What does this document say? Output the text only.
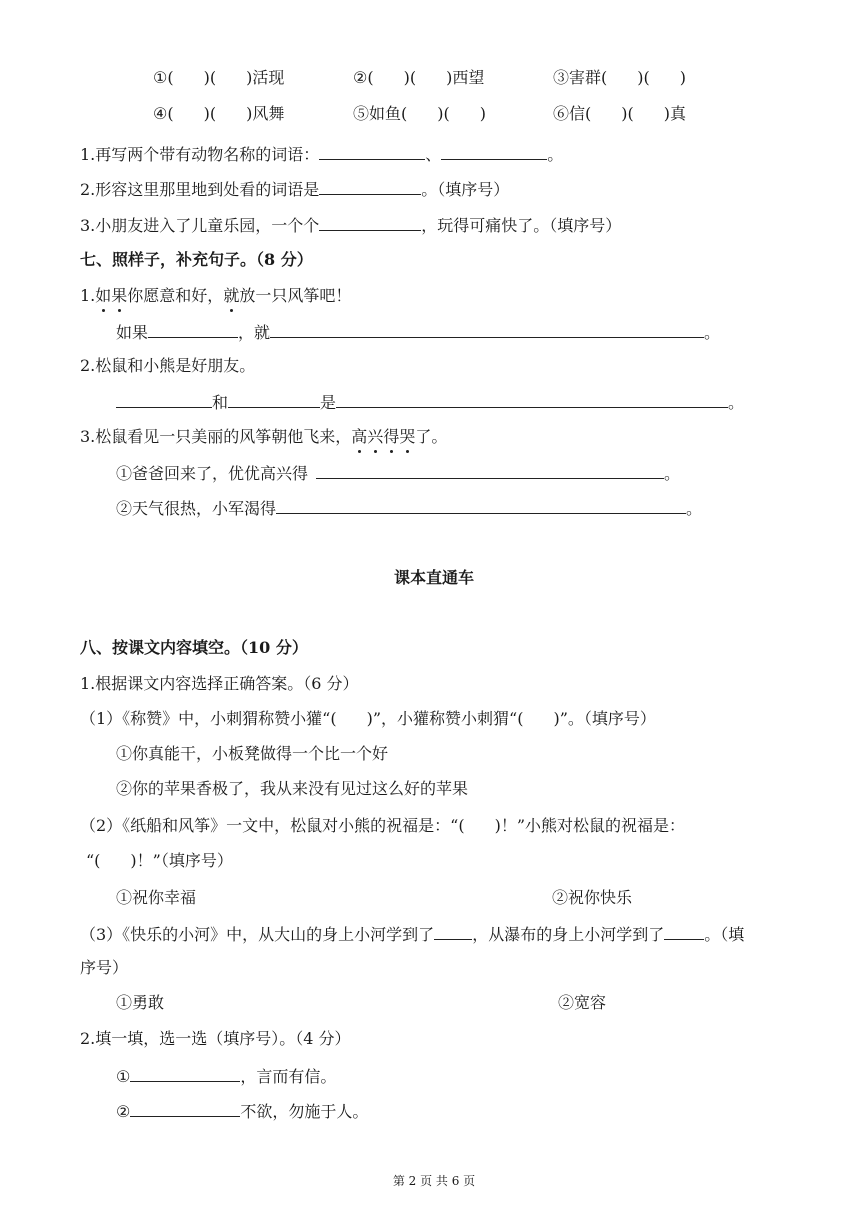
①( )( )活现	②( )( )西望	③害群( )( )
④( )( )风舞	⑤如鱼( )( )	⑥信( )( )真
1.再写两个带有动物名称的词语：	、	。
2.形容这里那里地到处看的词语是	。（填序号）
3.小朋友进入了儿童乐园，一个个	，玩得可痛快了。（填序号）
七、照样子，补充句子。（8 分）
1.如果你愿意和好，就放一只风筝吧！
如果	，就	。
2.松鼠和小熊是好朋友。
和	是	。
3.松鼠看见一只美丽的风筝朝他飞来，高兴得哭了。
①爸爸回来了，优优高兴得	。
②天气很热，小军渴得	。
课本直通车
八、按课文内容填空。（10 分）
1.根据课文内容选择正确答案。（6 分）
（1）《称赞》中，小刺猬称赞小獾“( )”，小獾称赞小刺猬“( )”。（填序号）
①你真能干，小板凳做得一个比一个好
②你的苹果香极了，我从来没有见过这么好的苹果
（2）《纸船和风筝》一文中，松鼠对小熊的祝福是：“( )！”小熊对松鼠的祝福是：
“( )！”（填序号）
①祝你幸福	②祝你快乐
（3）《快乐的小河》中，从大山的身上小河学到了 ，从瀑布的身上小河学到了	。（填
序号）
①勇敢	②宽容
2.填一填，选一选（填序号）。（4 分）
①	，言而有信。
②	不欲，勿施于人。
第 2 页 共 6 页
